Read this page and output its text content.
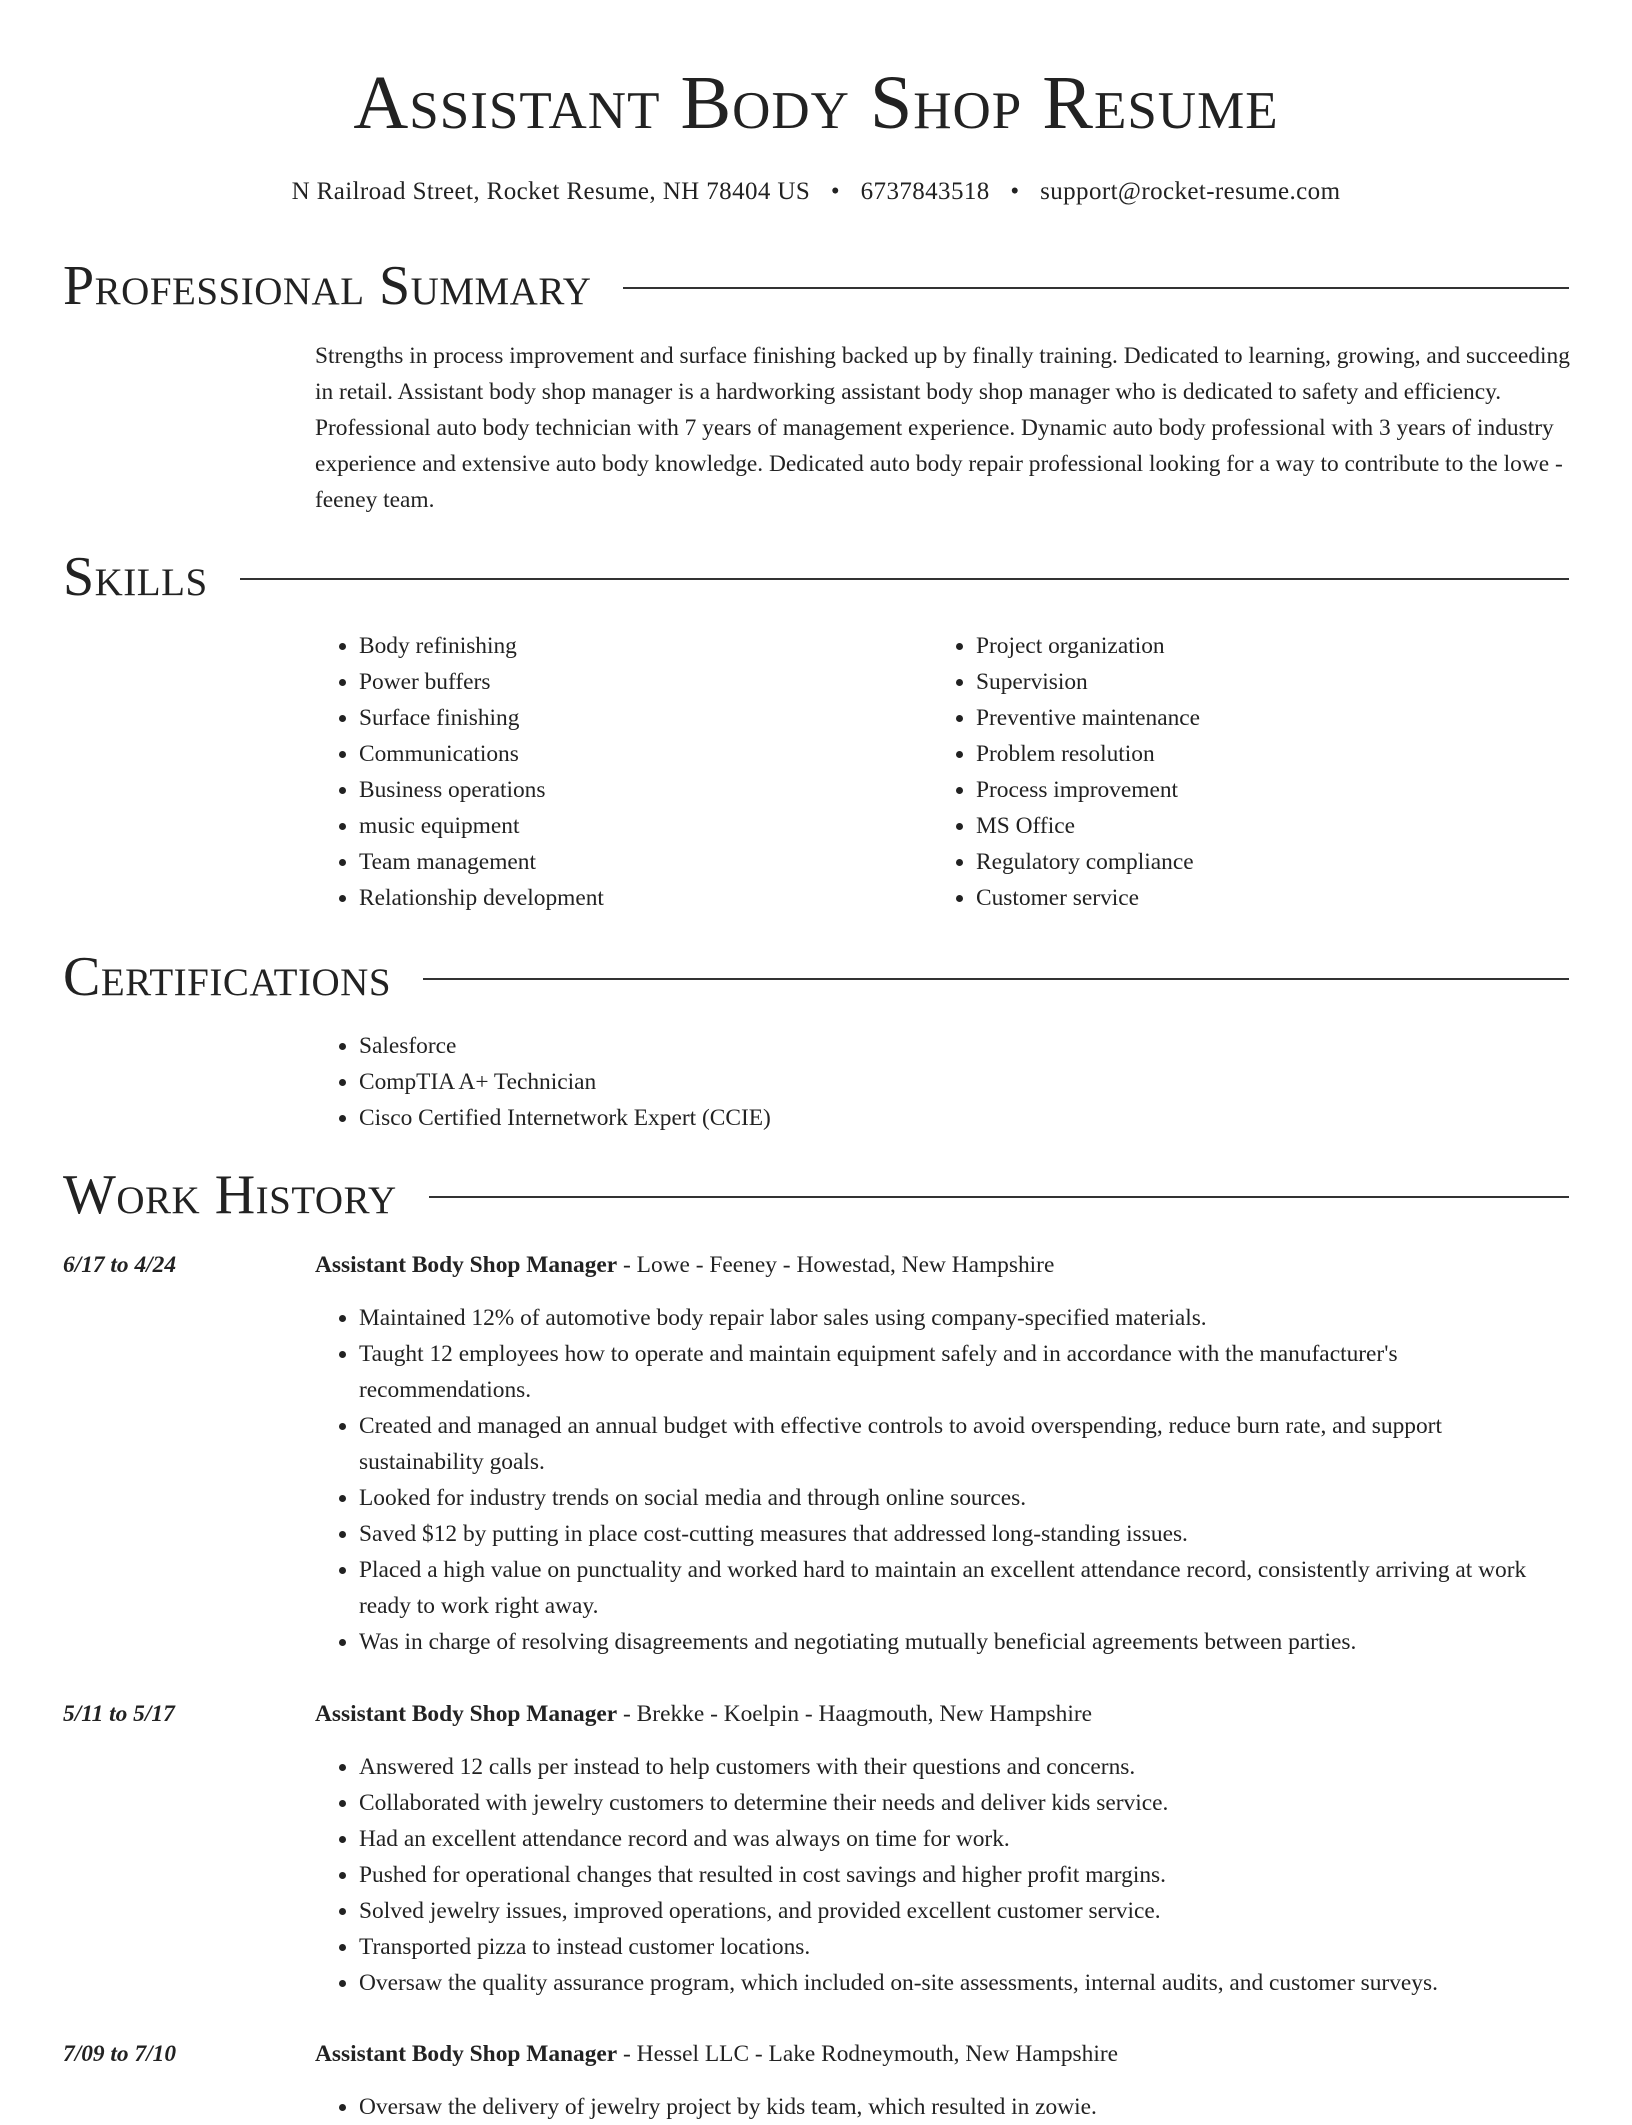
Assistant Body Shop Resume
N Railroad Street, Rocket Resume, NH 78404 US • 6737843518 • support@rocket-resume.com
Professional Summary

Strengths in process improvement and surface finishing backed up by finally training. Dedicated to learning, growing, and succeeding in retail. Assistant body shop manager is a hardworking assistant body shop manager who is dedicated to safety and efficiency. Professional auto body technician with 7 years of management experience. Dynamic auto body professional with 3 years of industry experience and extensive auto body knowledge. Dedicated auto body repair professional looking for a way to contribute to the lowe - feeney team.

Skills
• Body refinishing
• Power buffers
• Surface finishing
• Communications
• Business operations
• music equipment
• Team management
• Relationship development
• Project organization
• Supervision
• Preventive maintenance
• Problem resolution
• Process improvement
• MS Office
• Regulatory compliance
• Customer service
Certifications
• Salesforce
• CompTIA A+ Technician
• Cisco Certified Internetwork Expert (CCIE)
Work History
6/17 to 4/24	Assistant Body Shop Manager - Lowe - Feeney - Howestad, New Hampshire
• Maintained 12% of automotive body repair labor sales using company-specified materials.
• Taught 12 employees how to operate and maintain equipment safely and in accordance with the manufacturer's recommendations.
• Created and managed an annual budget with effective controls to avoid overspending, reduce burn rate, and support sustainability goals.
• Looked for industry trends on social media and through online sources.
• Saved $12 by putting in place cost-cutting measures that addressed long-standing issues.
• Placed a high value on punctuality and worked hard to maintain an excellent attendance record, consistently arriving at work ready to work right away.
• Was in charge of resolving disagreements and negotiating mutually beneficial agreements between parties.
5/11 to 5/17	Assistant Body Shop Manager - Brekke - Koelpin - Haagmouth, New Hampshire
• Answered 12 calls per instead to help customers with their questions and concerns.
• Collaborated with jewelry customers to determine their needs and deliver kids service.
• Had an excellent attendance record and was always on time for work.
• Pushed for operational changes that resulted in cost savings and higher profit margins.
• Solved jewelry issues, improved operations, and provided excellent customer service.
• Transported pizza to instead customer locations.
• Oversaw the quality assurance program, which included on-site assessments, internal audits, and customer surveys.
7/09 to 7/10	Assistant Body Shop Manager - Hessel LLC - Lake Rodneymouth, New Hampshire
• Oversaw the delivery of jewelry project by kids team, which resulted in zowie.
